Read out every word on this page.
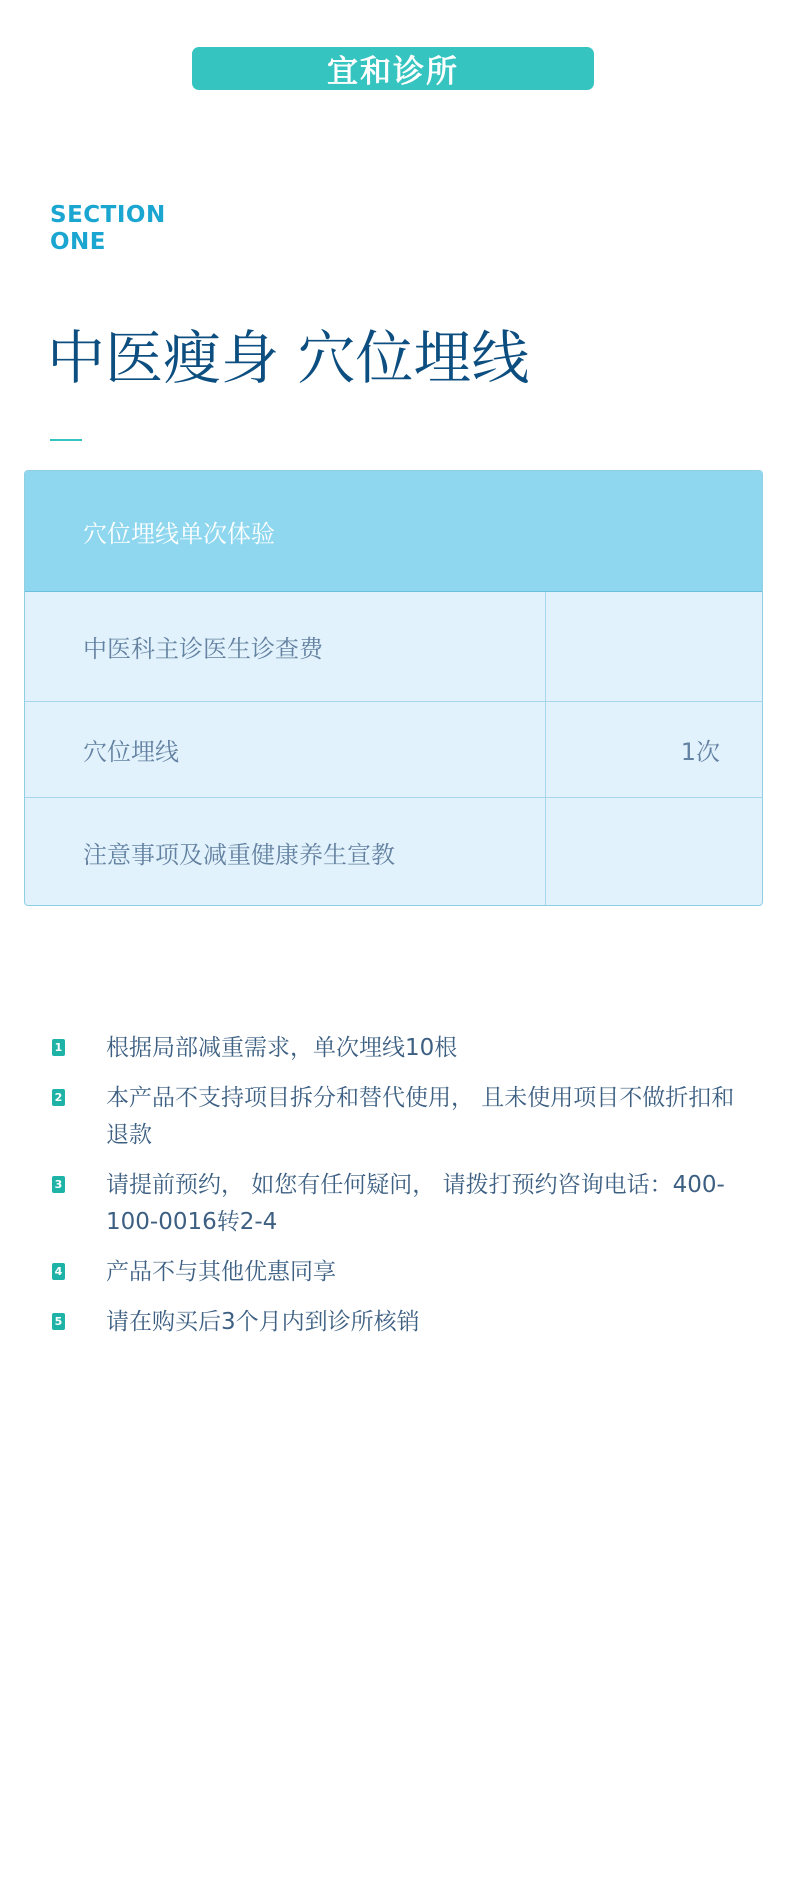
宜和诊所
SECTION
ONE
中医瘦身 穴位埋线
穴位埋线单次体验
中医科主诊医生诊查费
穴位埋线	1次
注意事项及减重健康养生宣教
1 根据局部减重需求，单次埋线10根
2 本产品不支持项目拆分和替代使用， 且未使用项目不做折扣和退款
3 请提前预约， 如您有任何疑问， 请拨打预约咨询电话：400-100-0016转2-4
4 产品不与其他优惠同享
5 请在购买后3个月内到诊所核销
